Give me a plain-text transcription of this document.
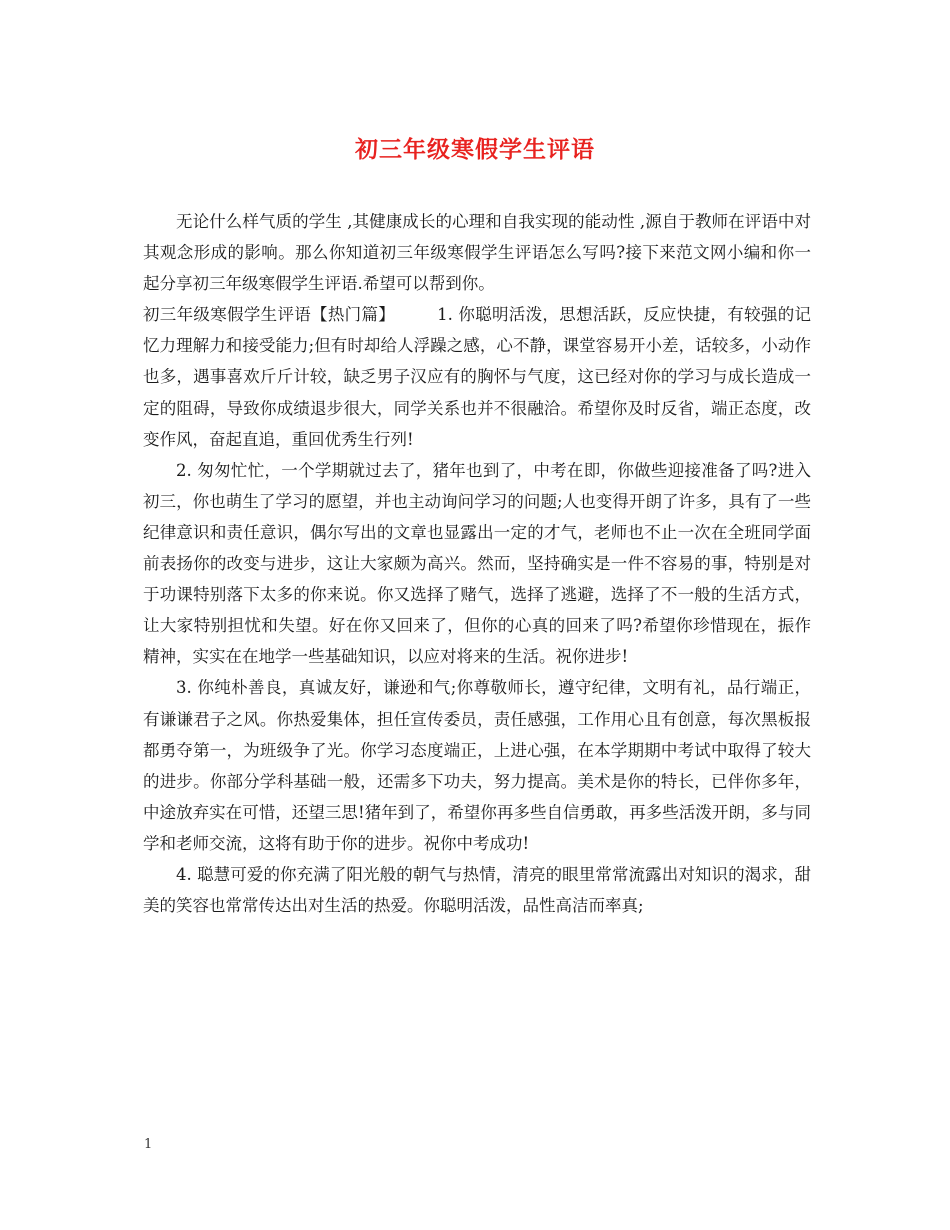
初三年级寒假学生评语

无论什么样气质的学生 ,其健康成长的心理和自我实现的能动性 ,源自于教师在评语中对其观念形成的影响。那么你知道初三年级寒假学生评语怎么写吗?接下来范文网小编和你一起分享初三年级寒假学生评语.希望可以帮到你。

初三年级寒假学生评语【热门篇】	1. 你聪明活泼，思想活跃，反应快捷，有较强的记忆力理解力和接受能力;但有时却给人浮躁之感，心不静，课堂容易开小差，话较多，小动作也多，遇事喜欢斤斤计较，缺乏男子汉应有的胸怀与气度，这已经对你的学习与成长造成一定的阻碍，导致你成绩退步很大，同学关系也并不很融洽。希望你及时反省，端正态度，改变作风，奋起直追，重回优秀生行列!

2. 匆匆忙忙，一个学期就过去了，猪年也到了，中考在即，你做些迎接准备了吗?进入初三，你也萌生了学习的愿望，并也主动询问学习的问题;人也变得开朗了许多，具有了一些纪律意识和责任意识，偶尔写出的文章也显露出一定的才气，老师也不止一次在全班同学面前表扬你的改变与进步，这让大家颇为高兴。然而，坚持确实是一件不容易的事，特别是对于功课特别落下太多的你来说。你又选择了赌气，选择了逃避，选择了不一般的生活方式，让大家特别担忧和失望。好在你又回来了，但你的心真的回来了吗?希望你珍惜现在，振作精神，实实在在地学一些基础知识，以应对将来的生活。祝你进步!

3. 你纯朴善良，真诚友好，谦逊和气;你尊敬师长，遵守纪律，文明有礼，品行端正，有谦谦君子之风。你热爱集体，担任宣传委员，责任感强，工作用心且有创意，每次黑板报都勇夺第一，为班级争了光。你学习态度端正，上进心强，在本学期期中考试中取得了较大的进步。你部分学科基础一般，还需多下功夫，努力提高。美术是你的特长，已伴你多年，中途放弃实在可惜，还望三思!猪年到了，希望你再多些自信勇敢，再多些活泼开朗，多与同学和老师交流，这将有助于你的进步。祝你中考成功!

4. 聪慧可爱的你充满了阳光般的朝气与热情，清亮的眼里常常流露出对知识的渴求，甜美的笑容也常常传达出对生活的热爱。你聪明活泼，品性高洁而率真;

1
